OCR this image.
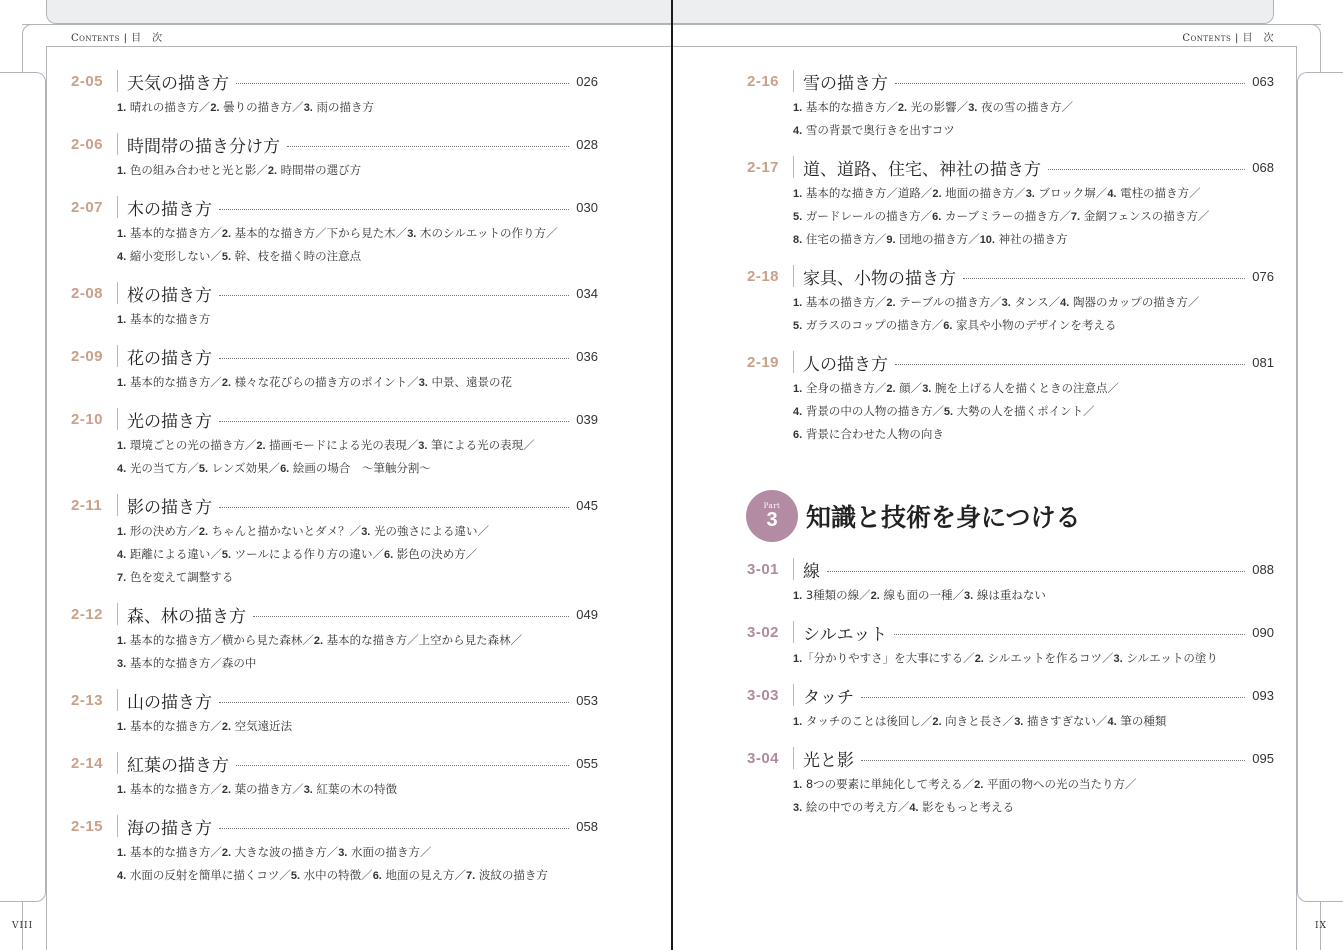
Contents | 目　次	Contents | 目　次
VIII	IX
2-05	天気の描き方	026
1. 晴れの描き方／2. 曇りの描き方／3. 雨の描き方
2-06	時間帯の描き分け方	028
1. 色の組み合わせと光と影／2. 時間帯の選び方
2-07	木の描き方	030
1. 基本的な描き方／2. 基本的な描き方／下から見た木／3. 木のシルエットの作り方／
4. 縮小変形しない／5. 幹、枝を描く時の注意点
2-08	桜の描き方	034
1. 基本的な描き方
2-09	花の描き方	036
1. 基本的な描き方／2. 様々な花びらの描き方のポイント／3. 中景、遠景の花
2-10	光の描き方	039
1. 環境ごとの光の描き方／2. 描画モードによる光の表現／3. 筆による光の表現／
4. 光の当て方／5. レンズ効果／6. 絵画の場合　〜筆触分割〜
2-11	影の描き方	045
1. 形の決め方／2. ちゃんと描かないとダメ？／3. 光の強さによる違い／
4. 距離による違い／5. ツールによる作り方の違い／6. 影色の決め方／
7. 色を変えて調整する
2-12	森、林の描き方	049
1. 基本的な描き方／横から見た森林／2. 基本的な描き方／上空から見た森林／
3. 基本的な描き方／森の中
2-13	山の描き方	053
1. 基本的な描き方／2. 空気遠近法
2-14	紅葉の描き方	055
1. 基本的な描き方／2. 葉の描き方／3. 紅葉の木の特徴
2-15	海の描き方	058
1. 基本的な描き方／2. 大きな波の描き方／3. 水面の描き方／
4. 水面の反射を簡単に描くコツ／5. 水中の特徴／6. 地面の見え方／7. 波紋の描き方
2-16	雪の描き方	063
1. 基本的な描き方／2. 光の影響／3. 夜の雪の描き方／
4. 雪の背景で奥行きを出すコツ
2-17	道、道路、住宅、神社の描き方	068
1. 基本的な描き方／道路／2. 地面の描き方／3. ブロック塀／4. 電柱の描き方／
5. ガードレールの描き方／6. カーブミラーの描き方／7. 金網フェンスの描き方／
8. 住宅の描き方／9. 団地の描き方／10. 神社の描き方
2-18	家具、小物の描き方	076
1. 基本の描き方／2. テーブルの描き方／3. タンス／4. 陶器のカップの描き方／
5. ガラスのコップの描き方／6. 家具や小物のデザインを考える
2-19	人の描き方	081
1. 全身の描き方／2. 顔／3. 腕を上げる人を描くときの注意点／
4. 背景の中の人物の描き方／5. 大勢の人を描くポイント／
6. 背景に合わせた人物の向き
Part
3	知識と技術を身につける
3-01	線	088
1. 3種類の線／2. 線も面の一種／3. 線は重ねない
3-02	シルエット	090
1.「分かりやすさ」を大事にする／2. シルエットを作るコツ／3. シルエットの塗り
3-03	タッチ	093
1. タッチのことは後回し／2. 向きと長さ／3. 描きすぎない／4. 筆の種類
3-04	光と影	095
1. 8つの要素に単純化して考える／2. 平面の物への光の当たり方／
3. 絵の中での考え方／4. 影をもっと考える
